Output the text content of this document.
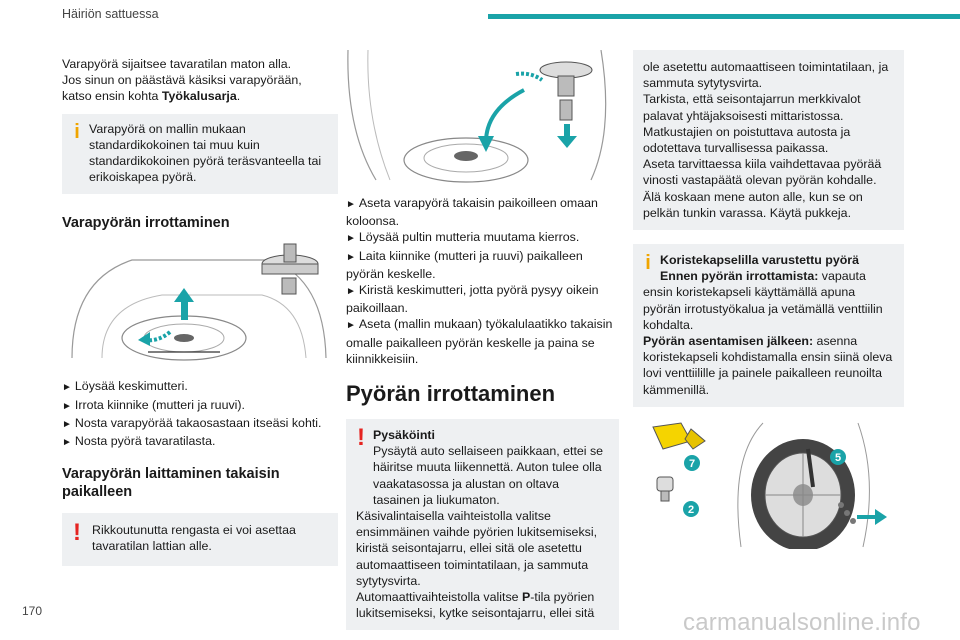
Häiriön sattuessa

Varapyörä sijaitsee tavaratilan maton alla.
Jos sinun on päästävä käsiksi varapyörään,
katso ensin kohta Työkalusarja.

i Varapyörä on mallin mukaan standardikokoinen tai muu kuin standardikokoinen pyörä teräsvanteella tai erikoiskapea pyörä.

Varapyörän irrottaminen

► Löysää keskimutteri.

► Irrota kiinnike (mutteri ja ruuvi).

► Nosta varapyörää takaosastaan itseäsi kohti.

► Nosta pyörä tavaratilasta.

Varapyörän laittaminen takaisin paikalleen
! Rikkoutunutta rengasta ei voi asettaa tavaratilan lattian alle.

► Aseta varapyörä takaisin paikoilleen omaan koloonsa.

► Löysää pultin mutteria muutama kierros.

► Laita kiinnike (mutteri ja ruuvi) paikalleen pyörän keskelle.

► Kiristä keskimutteri, jotta pyörä pysyy oikein paikoillaan.

► Aseta (mallin mukaan) työkalulaatikko takaisin omalle paikalleen pyörän keskelle ja paina se kiinnikkeisiin.

Pyörän irrottaminen
! Pysäköinti

Pysäytä auto sellaiseen paikkaan, ettei se häiritse muuta liikennettä. Auton tulee olla vaakatasossa ja alustan on oltava tasainen ja liukumaton.

Käsivalintaisella vaihteistolla valitse ensimmäinen vaihde pyörien lukitsemiseksi, kiristä seisontajarru, ellei sitä ole asetettu automaattiseen toimintatilaan, ja sammuta sytytysvirta.

Automaattivaihteistolla valitse P-tila pyörien lukitsemiseksi, kytke seisontajarru, ellei sitä

ole asetettu automaattiseen toimintatilaan, ja sammuta sytytysvirta.

Tarkista, että seisontajarrun merkkivalot palavat yhtäjaksoisesti mittaristossa.

Matkustajien on poistuttava autosta ja odotettava turvallisessa paikassa.

Aseta tarvittaessa kiila vaihdettavaa pyörää vinosti vastapäätä olevan pyörän kohdalle.

Älä koskaan mene auton alle, kun se on pelkän tunkin varassa. Käytä pukkeja.

i Koristekapselilla varustettu pyörä

Ennen pyörän irrottamista: vapauta ensin koristekapseli käyttämällä apuna pyörän irrotustyökalua ja vetämällä venttiilin kohdalta.

Pyörän asentamisen jälkeen: asenna koristekapseli kohdistamalla ensin siinä oleva lovi venttiilille ja painele paikalleen reunoilta kämmenillä.

7
2
5
170	carmanualsonline.info
